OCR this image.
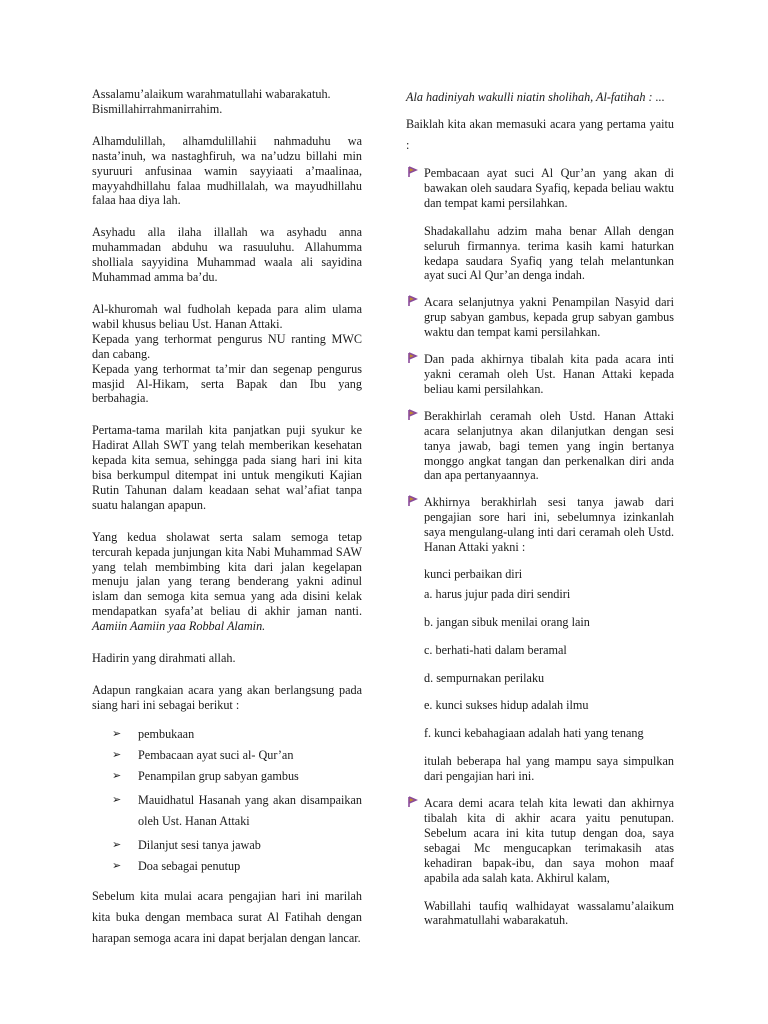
Assalamu’alaikum warahmatullahi wabarakatuh.
Bismillahirrahmanirrahim.

Alhamdulillah, alhamdulillahii nahmaduhu wa nasta’inuh, wa nastaghfiruh, wa na’udzu billahi min syuruuri anfusinaa wamin sayyiaati a’maalinaa, mayyahdhillahu falaa mudhillalah, wa mayudhillahu falaa haa diya lah.

Asyhadu alla ilaha illallah wa asyhadu anna muhammadan abduhu wa rasuuluhu. Allahumma sholliala sayyidina Muhammad waala ali sayidina Muhammad amma ba’du.

Al-khuromah wal fudholah kepada para alim ulama wabil khusus beliau Ust. Hanan Attaki.
Kepada yang terhormat pengurus NU ranting MWC dan cabang.
Kepada yang terhormat ta’mir dan segenap pengurus masjid Al-Hikam, serta Bapak dan Ibu yang berbahagia.

Pertama-tama marilah kita panjatkan puji syukur ke Hadirat Allah SWT yang telah memberikan kesehatan kepada kita semua, sehingga pada siang hari ini kita bisa berkumpul ditempat ini untuk mengikuti Kajian Rutin Tahunan dalam keadaan sehat wal’afiat tanpa suatu halangan apapun.

Yang kedua sholawat serta salam semoga tetap tercurah kepada junjungan kita Nabi Muhammad SAW yang telah membimbing kita dari jalan kegelapan menuju jalan yang terang benderang yakni adinul islam dan semoga kita semua yang ada disini kelak mendapatkan syafa’at beliau di akhir jaman nanti. Aamiin Aamiin yaa Robbal Alamin.

Hadirin yang dirahmati allah.

Adapun rangkaian acara yang akan berlangsung pada siang hari ini sebagai berikut :

➢ pembukaan
➢ Pembacaan ayat suci al- Qur’an
➢ Penampilan grup sabyan gambus
➢ Mauidhatul Hasanah yang akan disampaikan oleh Ust. Hanan Attaki
➢ Dilanjut sesi tanya jawab
➢ Doa sebagai penutup

Sebelum kita mulai acara pengajian hari ini marilah kita buka dengan membaca surat Al Fatihah dengan harapan semoga acara ini dapat berjalan dengan lancar.

Ala hadiniyah wakulli niatin sholihah, Al-fatihah : ...

Baiklah kita akan memasuki acara yang pertama yaitu :

Pembacaan ayat suci Al Qur’an yang akan di bawakan oleh saudara Syafiq, kepada beliau waktu dan tempat kami persilahkan.

Shadakallahu adzim maha benar Allah dengan seluruh firmannya. terima kasih kami haturkan kedapa saudara Syafiq yang telah melantunkan ayat suci Al Qur’an denga indah.

Acara selanjutnya yakni Penampilan Nasyid dari grup sabyan gambus, kepada grup sabyan gambus waktu dan tempat kami persilahkan.

Dan pada akhirnya tibalah kita pada acara inti yakni ceramah oleh Ust. Hanan Attaki kepada beliau kami persilahkan.

Berakhirlah ceramah oleh Ustd. Hanan Attaki acara selanjutnya akan dilanjutkan dengan sesi tanya jawab, bagi temen yang ingin bertanya monggo angkat tangan dan perkenalkan diri anda dan apa pertanyaannya.

Akhirnya berakhirlah sesi tanya jawab dari pengajian sore hari ini, sebelumnya izinkanlah saya mengulang-ulang inti dari ceramah oleh Ustd. Hanan Attaki yakni :

kunci perbaikan diri

a. harus jujur pada diri sendiri

b. jangan sibuk menilai orang lain

c. berhati-hati dalam beramal

d. sempurnakan perilaku

e. kunci sukses hidup adalah ilmu

f. kunci kebahagiaan adalah hati yang tenang

itulah beberapa hal yang mampu saya simpulkan dari pengajian hari ini.

Acara demi acara telah kita lewati dan akhirnya tibalah kita di akhir acara yaitu penutupan. Sebelum acara ini kita tutup dengan doa, saya sebagai Mc mengucapkan terimakasih atas kehadiran bapak-ibu, dan saya mohon maaf apabila ada salah kata. Akhirul kalam,

Wabillahi taufiq walhidayat wassalamu’alaikum warahmatullahi wabarakatuh.
